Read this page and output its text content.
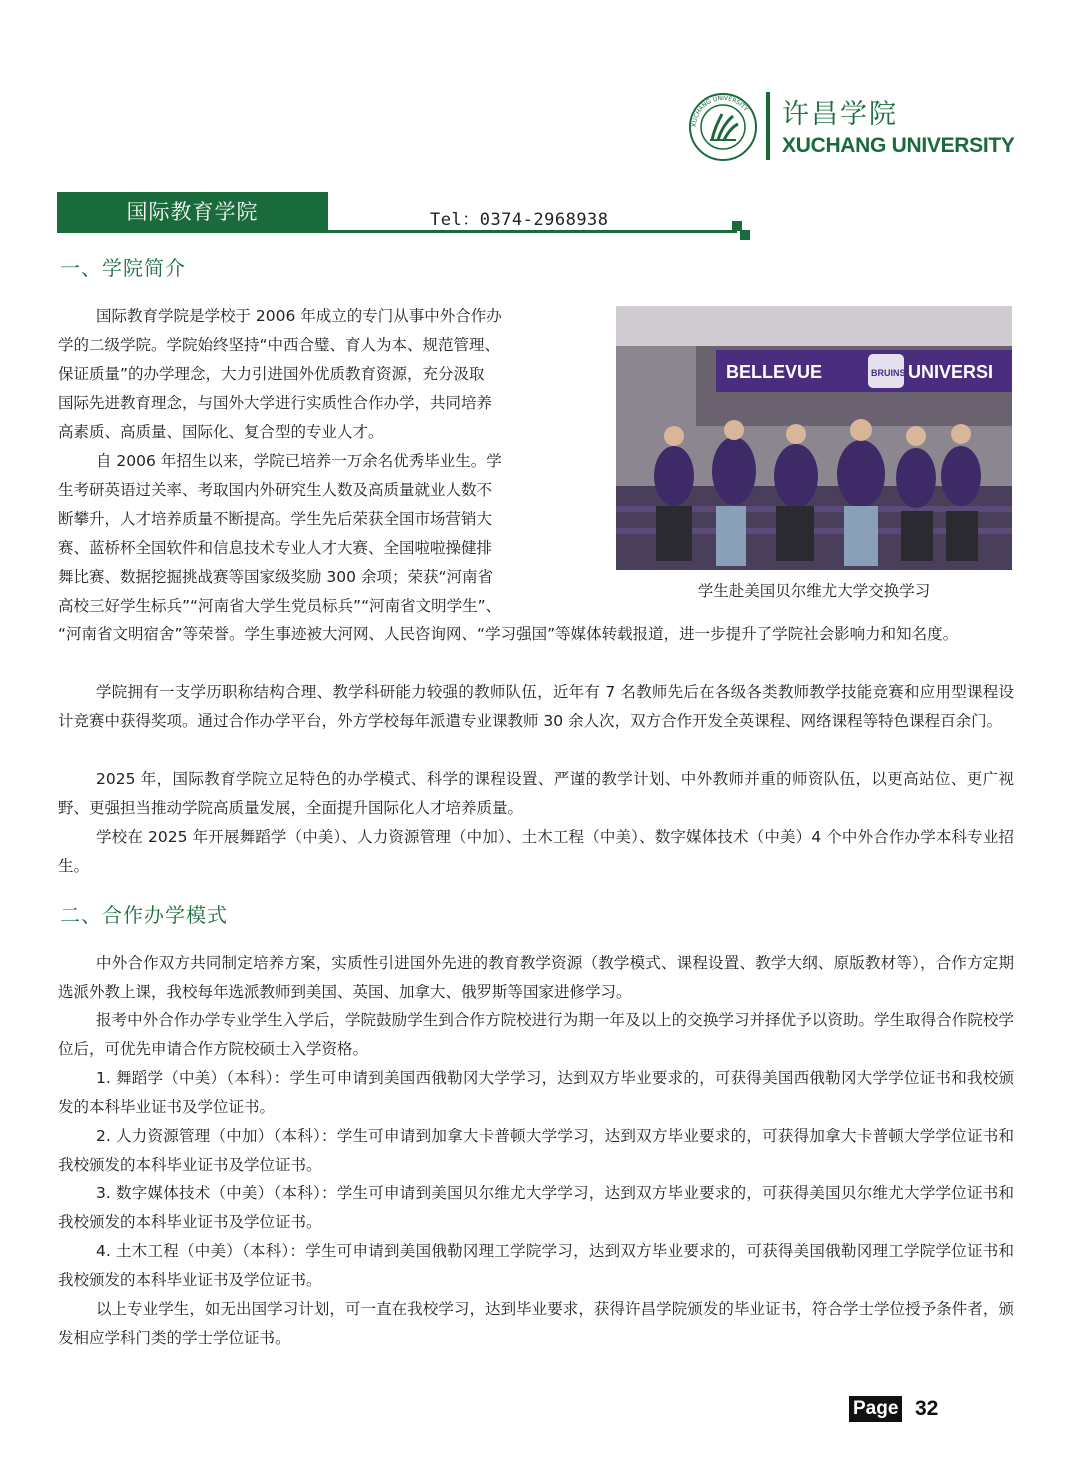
XUCHANG UNIVERSITY 许昌学院
XUCHANG UNIVERSITY
国际教育学院	Tel：0374-2968938
一、学院简介
国际教育学院是学校于 2006 年成立的专门从事中外合作办
学的二级学院。学院始终坚持“中西合璧、育人为本、规范管理、
保证质量”的办学理念，大力引进国外优质教育资源，充分汲取
国际先进教育理念，与国外大学进行实质性合作办学，共同培养
高素质、高质量、国际化、复合型的专业人才。
自 2006 年招生以来，学院已培养一万余名优秀毕业生。学
生考研英语过关率、考取国内外研究生人数及高质量就业人数不
断攀升，人才培养质量不断提高。学生先后荣获全国市场营销大
赛、蓝桥杯全国软件和信息技术专业人才大赛、全国啦啦操健排
舞比赛、数据挖掘挑战赛等国家级奖励 300 余项；荣获“河南省
高校三好学生标兵”“河南省大学生党员标兵”“河南省文明学生”、
BELLEVUE	BRUINS UNIVERSI
学生赴美国贝尔维尤大学交换学习
“河南省文明宿舍”等荣誉。学生事迹被大河网、人民咨询网、“学习强国”等媒体转载报道，进一步提升了学院社会影响力和知名度。
学院拥有一支学历职称结构合理、教学科研能力较强的教师队伍，近年有 7 名教师先后在各级各类教师教学技能竞赛和应用型课程设计竞赛中获得奖项。通过合作办学平台，外方学校每年派遣专业课教师 30 余人次，双方合作开发全英课程、网络课程等特色课程百余门。
2025 年，国际教育学院立足特色的办学模式、科学的课程设置、严谨的教学计划、中外教师并重的师资队伍，以更高站位、更广视野、更强担当推动学院高质量发展，全面提升国际化人才培养质量。
学校在 2025 年开展舞蹈学（中美）、人力资源管理（中加）、土木工程（中美）、数字媒体技术（中美）4 个中外合作办学本科专业招生。
二、合作办学模式
中外合作双方共同制定培养方案，实质性引进国外先进的教育教学资源（教学模式、课程设置、教学大纲、原版教材等），合作方定期选派外教上课，我校每年选派教师到美国、英国、加拿大、俄罗斯等国家进修学习。
报考中外合作办学专业学生入学后，学院鼓励学生到合作方院校进行为期一年及以上的交换学习并择优予以资助。学生取得合作院校学位后，可优先申请合作方院校硕士入学资格。
1. 舞蹈学（中美）（本科）：学生可申请到美国西俄勒冈大学学习，达到双方毕业要求的，可获得美国西俄勒冈大学学位证书和我校颁发的本科毕业证书及学位证书。
2. 人力资源管理（中加）（本科）：学生可申请到加拿大卡普顿大学学习，达到双方毕业要求的，可获得加拿大卡普顿大学学位证书和我校颁发的本科毕业证书及学位证书。
3. 数字媒体技术（中美）（本科）：学生可申请到美国贝尔维尤大学学习，达到双方毕业要求的，可获得美国贝尔维尤大学学位证书和我校颁发的本科毕业证书及学位证书。
4. 土木工程（中美）（本科）：学生可申请到美国俄勒冈理工学院学习，达到双方毕业要求的，可获得美国俄勒冈理工学院学位证书和我校颁发的本科毕业证书及学位证书。
以上专业学生，如无出国学习计划，可一直在我校学习，达到毕业要求，获得许昌学院颁发的毕业证书，符合学士学位授予条件者，颁发相应学科门类的学士学位证书。
Page 32
